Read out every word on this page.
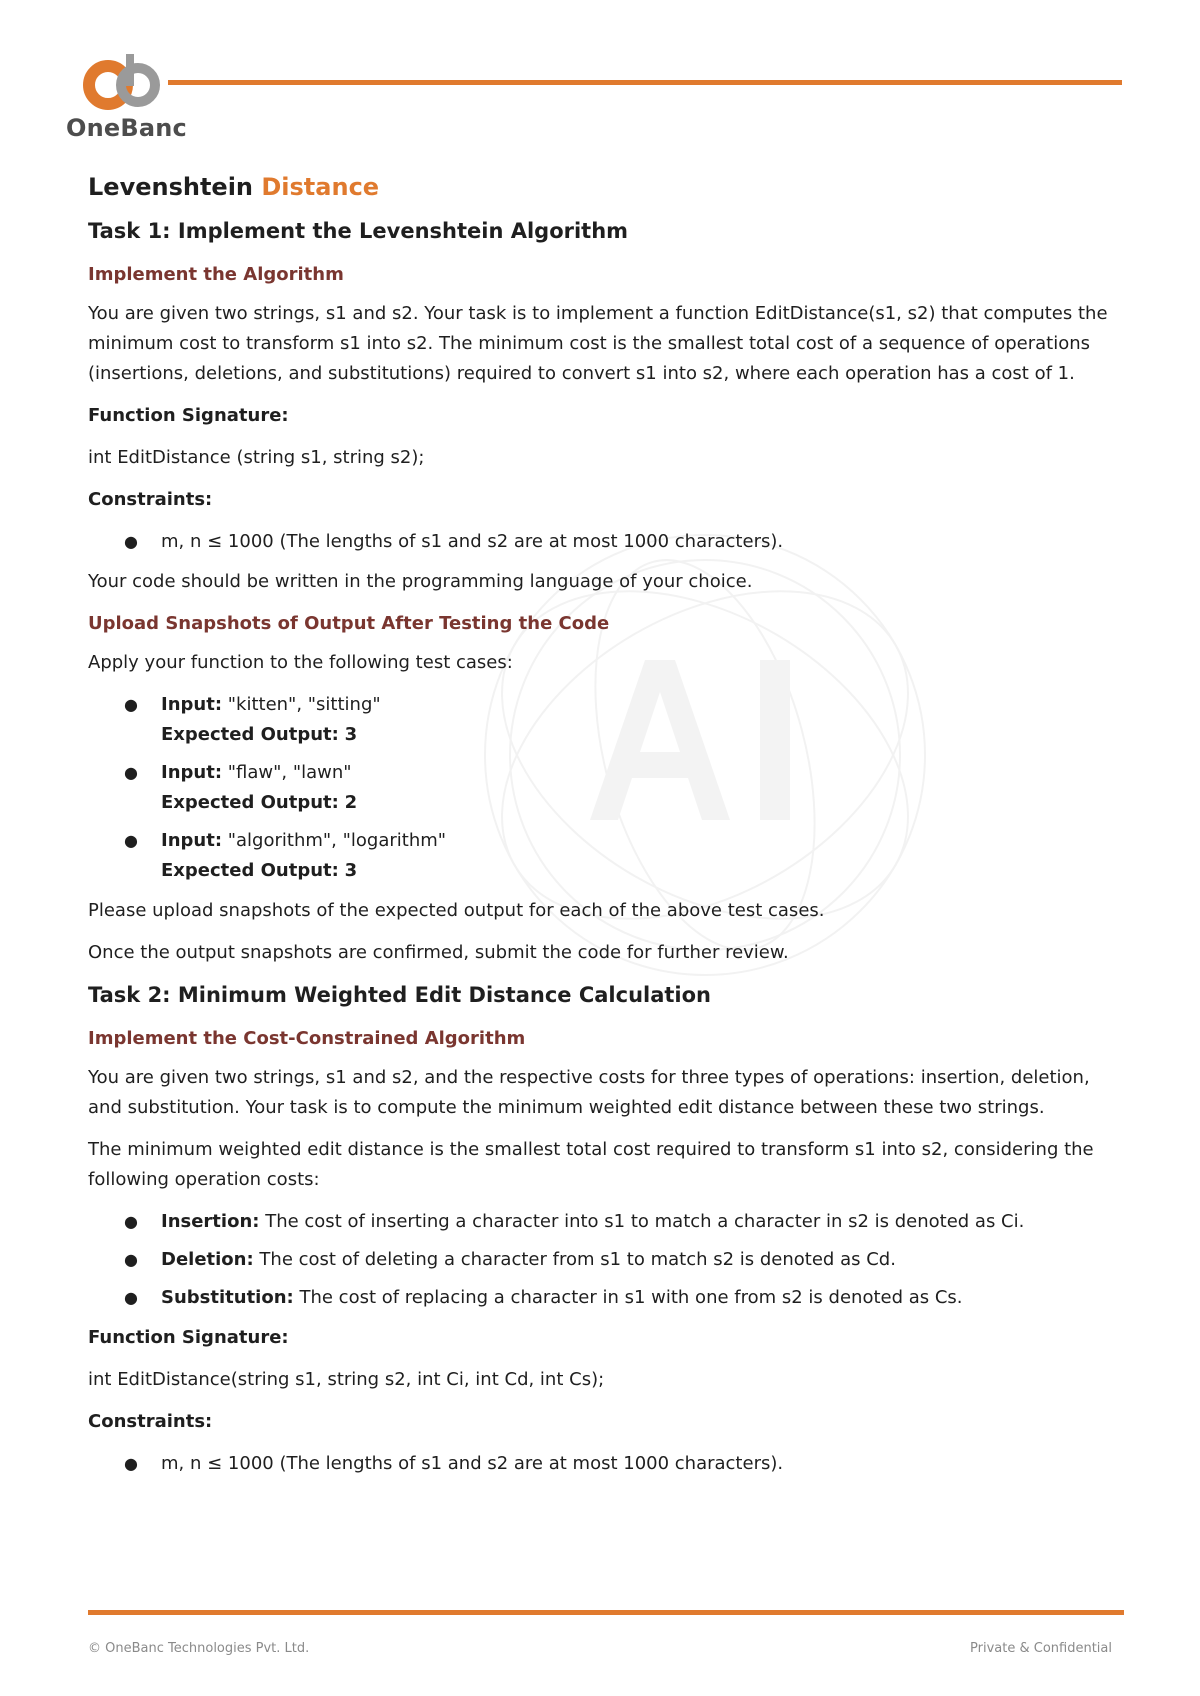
OneBanc
Levenshtein Distance
Task 1: Implement the Levenshtein Algorithm
Implement the Algorithm

You are given two strings, s1 and s2. Your task is to implement a function EditDistance(s1, s2) that computes the minimum cost to transform s1 into s2. The minimum cost is the smallest total cost of a sequence of operations (insertions, deletions, and substitutions) required to convert s1 into s2, where each operation has a cost of 1.

Function Signature:

int EditDistance (string s1, string s2);

Constraints:
● m, n ≤ 1000 (The lengths of s1 and s2 are at most 1000 characters).

Your code should be written in the programming language of your choice.

Upload Snapshots of Output After Testing the Code

Apply your function to the following test cases:

● Input: "kitten", "sitting"
Expected Output: 3
● Input: "flaw", "lawn"
Expected Output: 2
● Input: "algorithm", "logarithm"
Expected Output: 3

Please upload snapshots of the expected output for each of the above test cases.

Once the output snapshots are confirmed, submit the code for further review.

Task 2: Minimum Weighted Edit Distance Calculation
Implement the Cost-Constrained Algorithm

You are given two strings, s1 and s2, and the respective costs for three types of operations: insertion, deletion, and substitution. Your task is to compute the minimum weighted edit distance between these two strings.

The minimum weighted edit distance is the smallest total cost required to transform s1 into s2, considering the following operation costs:

● Insertion: The cost of inserting a character into s1 to match a character in s2 is denoted as Ci.
● Deletion: The cost of deleting a character from s1 to match s2 is denoted as Cd.
● Substitution: The cost of replacing a character in s1 with one from s2 is denoted as Cs.
Function Signature:

int EditDistance(string s1, string s2, int Ci, int Cd, int Cs);

Constraints:
● m, n ≤ 1000 (The lengths of s1 and s2 are at most 1000 characters).
© OneBanc Technologies Pvt. Ltd.	Private & Confidential
